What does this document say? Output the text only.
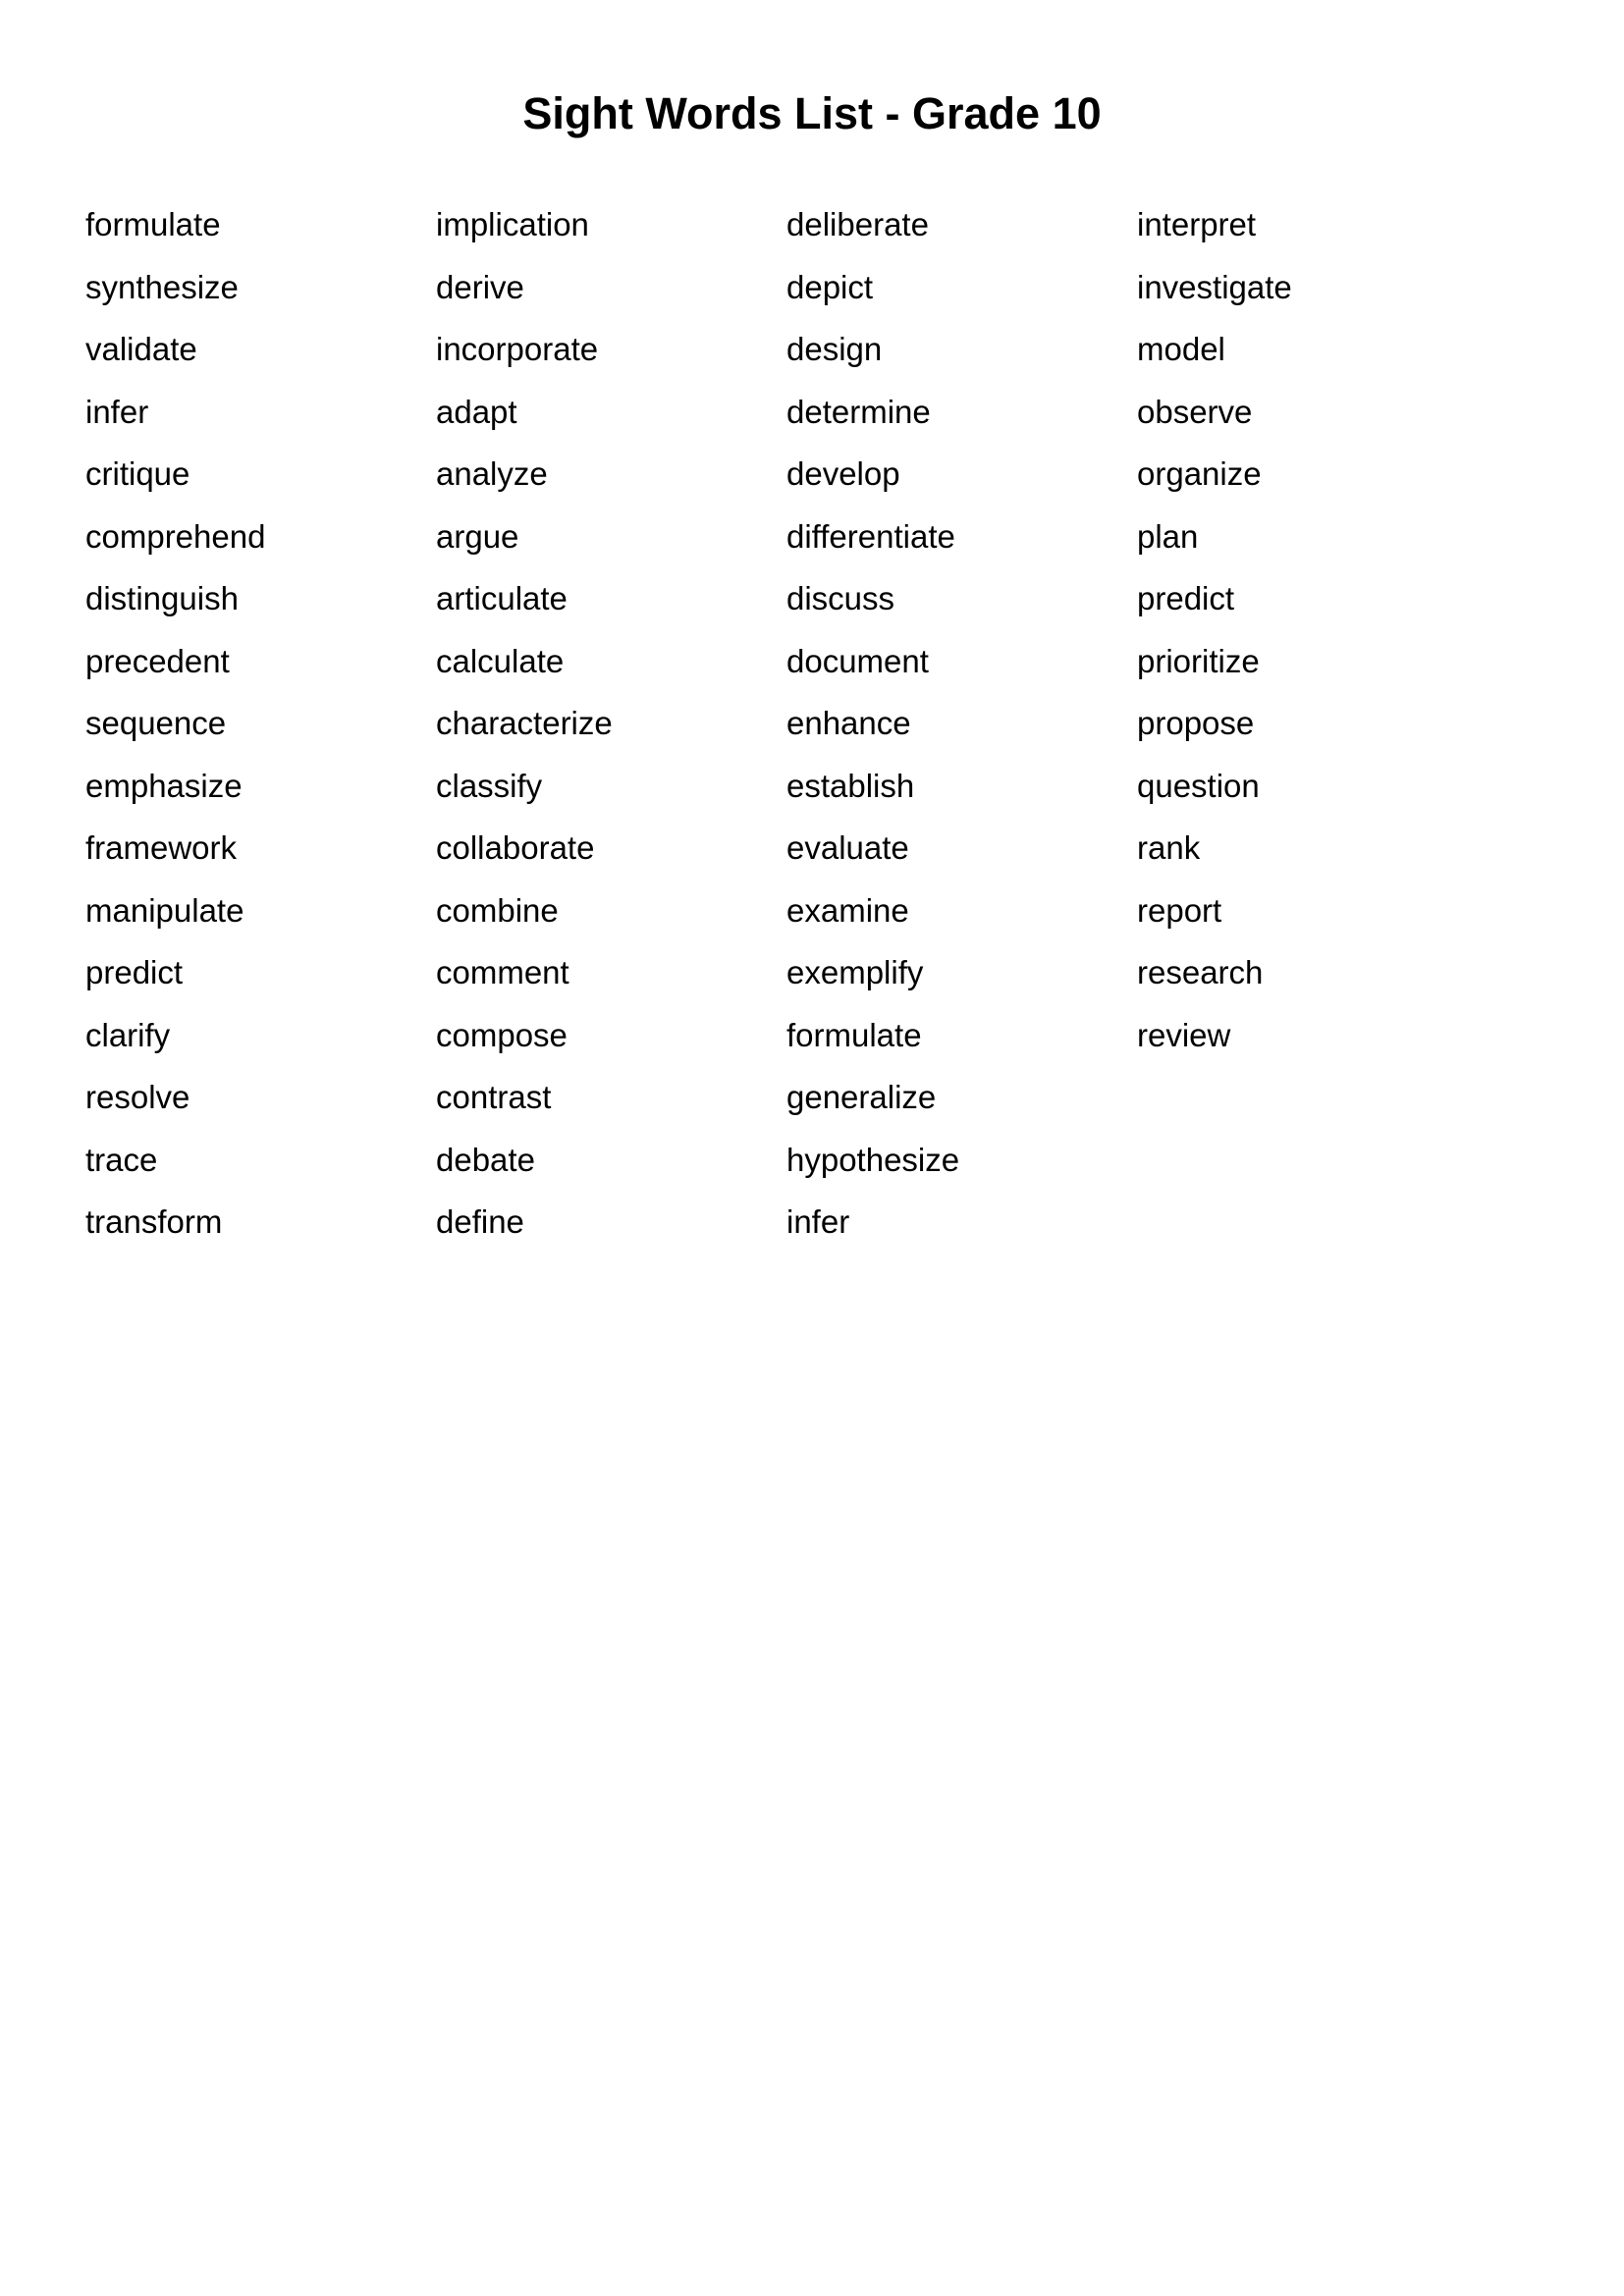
Sight Words List - Grade 10
formulate
synthesize
validate
infer
critique
comprehend
distinguish
precedent
sequence
emphasize
framework
manipulate
predict
clarify
resolve
trace
transform
implication
derive
incorporate
adapt
analyze
argue
articulate
calculate
characterize
classify
collaborate
combine
comment
compose
contrast
debate
define
deliberate
depict
design
determine
develop
differentiate
discuss
document
enhance
establish
evaluate
examine
exemplify
formulate
generalize
hypothesize
infer
interpret
investigate
model
observe
organize
plan
predict
prioritize
propose
question
rank
report
research
review
